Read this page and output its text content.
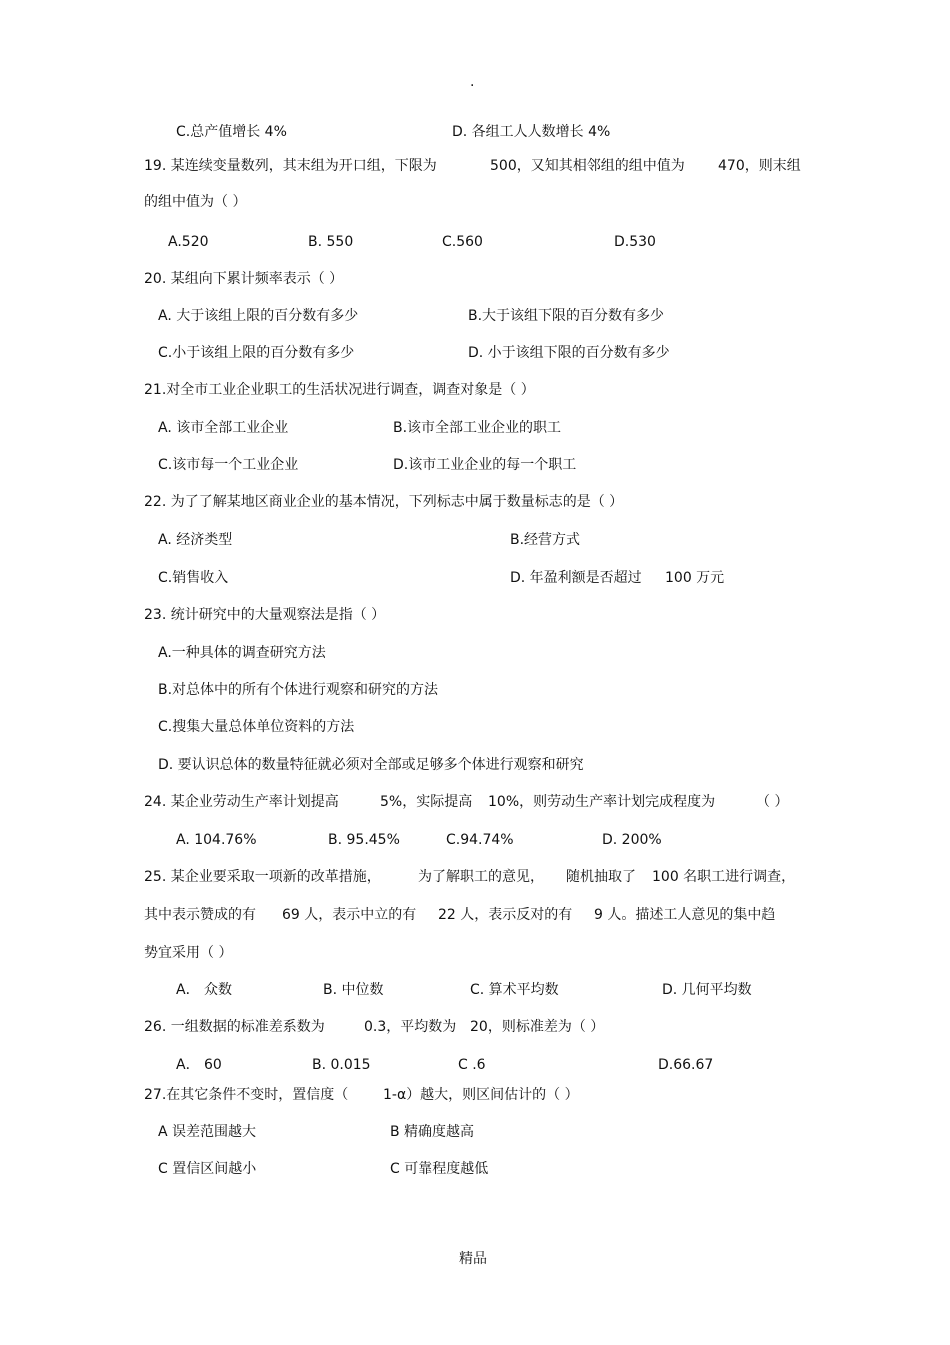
.
C.总产值增长 4%	D. 各组工人人数增长 4%
19. 某连续变量数列，其末组为开口组，下限为	500，又知其相邻组的组中值为 470，则末组
的组中值为（ ）
A.520	B. 550	C.560	D.530
20. 某组向下累计频率表示（ ）
A. 大于该组上限的百分数有多少	B.大于该组下限的百分数有多少
C.小于该组上限的百分数有多少	D. 小于该组下限的百分数有多少
21.对全市工业企业职工的生活状况进行调查，调查对象是（ ）
A. 该市全部工业企业	B.该市全部工业企业的职工
C.该市每一个工业企业	D.该市工业企业的每一个职工
22. 为了了解某地区商业企业的基本情况，下列标志中属于数量标志的是（ ）
A. 经济类型	B.经营方式
C.销售收入	D. 年盈利额是否超过 100 万元
23. 统计研究中的大量观察法是指（ ）
A.一种具体的调查研究方法
B.对总体中的所有个体进行观察和研究的方法
C.搜集大量总体单位资料的方法
D. 要认识总体的数量特征就必须对全部或足够多个体进行观察和研究
24. 某企业劳动生产率计划提高	5%，实际提高 10%，则劳动生产率计划完成程度为	（ ）
A. 104.76%	B. 95.45%	C.94.74%	D. 200%
25. 某企业要采取一项新的改革措施，	为了解职工的意见， 随机抽取了 100 名职工进行调查，
其中表示赞成的有 69 人，表示中立的有 22 人，表示反对的有 9 人。描述工人意见的集中趋
势宜采用（ ）
A． 众数	B. 中位数	C. 算术平均数	D. 几何平均数
26. 一组数据的标准差系数为	0.3，平均数为 20，则标准差为（ ）
A． 60	B. 0.015	C .6	D.66.67
27.在其它条件不变时，置信度（ 1-α）越大，则区间估计的（ ）
A 误差范围越大	B 精确度越高
C 置信区间越小	C 可靠程度越低
精品
